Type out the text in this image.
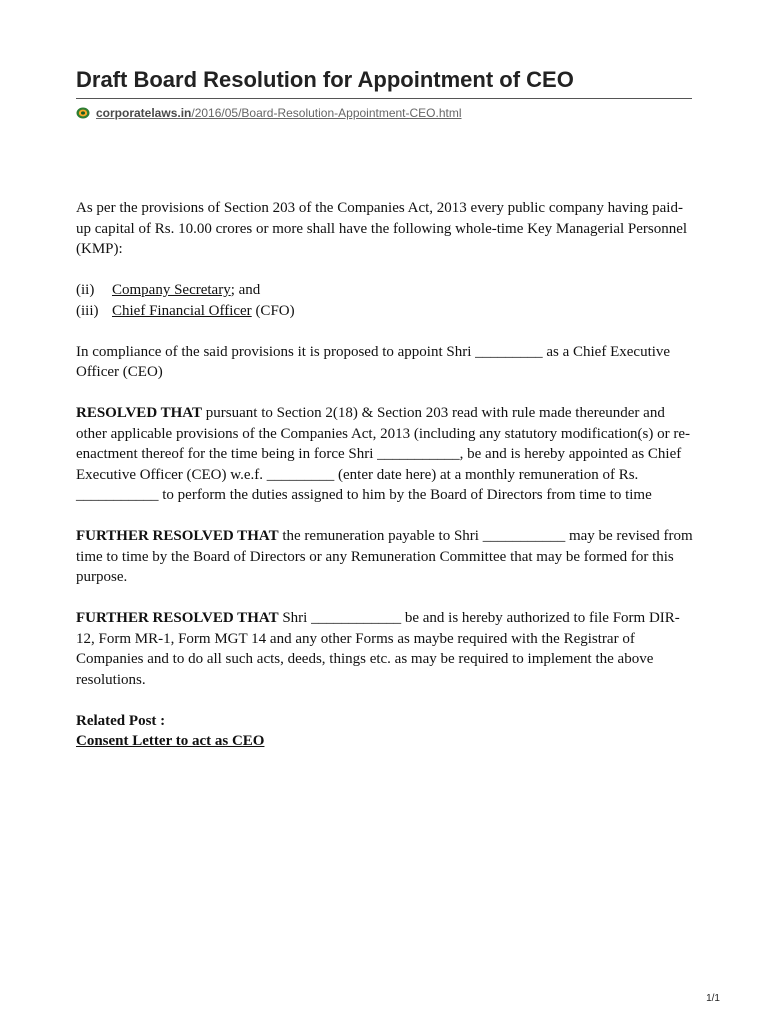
Draft Board Resolution for Appointment of CEO
corporatelaws.in/2016/05/Board-Resolution-Appointment-CEO.html

As per the provisions of Section 203 of the Companies Act, 2013 every public company having paid-up capital of Rs. 10.00 crores or more shall have the following whole-time Key Managerial Personnel (KMP):

(ii) Company Secretary; and

(iii) Chief Financial Officer (CFO)

In compliance of the said provisions it is proposed to appoint Shri _________ as a Chief Executive Officer (CEO)

RESOLVED THAT pursuant to Section 2(18) & Section 203 read with rule made thereunder and other applicable provisions of the Companies Act, 2013 (including any statutory modification(s) or re-enactment thereof for the time being in force Shri ___________, be and is hereby appointed as Chief Executive Officer (CEO) w.e.f. _________ (enter date here) at a monthly remuneration of Rs. ___________ to perform the duties assigned to him by the Board of Directors from time to time

FURTHER RESOLVED THAT the remuneration payable to Shri ___________ may be revised from time to time by the Board of Directors or any Remuneration Committee that may be formed for this purpose.

FURTHER RESOLVED THAT Shri ____________ be and is hereby authorized to file Form DIR-12, Form MR-1, Form MGT 14 and any other Forms as maybe required with the Registrar of Companies and to do all such acts, deeds, things etc. as may be required to implement the above resolutions.

Related Post :

Consent Letter to act as CEO

1/1
